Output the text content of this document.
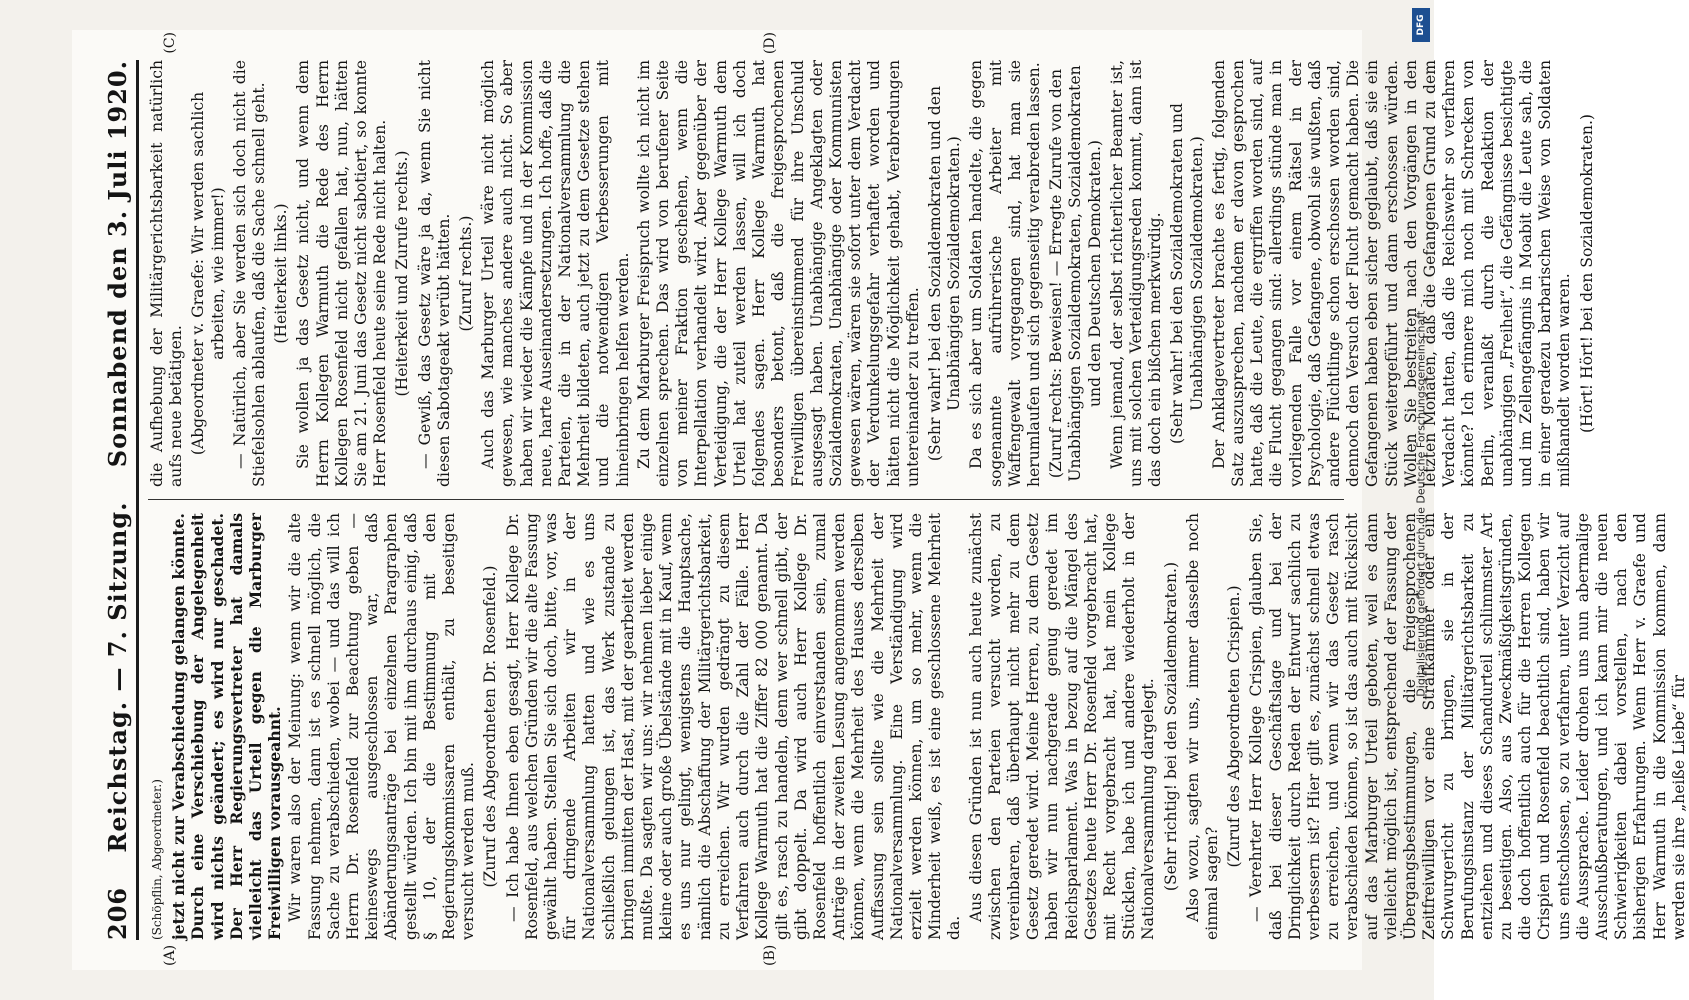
206
Reichstag. — 7. Sitzung.
Sonnabend den 3. Juli 1920.

(Schöpflin, Abgeordneter.) jetzt nicht zur Verabschiedung gelangen könnte. Durch eine Verschiebung der Angelegenheit wird nichts geändert; es wird nur geschadet. Der Herr Regierungsvertreter hat damals vielleicht das Urteil gegen die Marburger Freiwilligen vorausgeahnt. Wir waren also der Meinung: wenn wir die alte Fassung nehmen, dann ist es schnell möglich, die Sache zu verabschieden, wobei — und das will ich Herrn Dr. Rosenfeld zur Beachtung geben — keineswegs ausgeschlossen war, daß Abänderungsanträge bei einzelnen Paragraphen gestellt würden. Ich bin mit ihm durchaus einig, daß § 10, der die Bestimmung mit den Regierungskommissaren enthält, zu beseitigen versucht werden muß. (Zuruf des Abgeordneten Dr. Rosenfeld.) — Ich habe Ihnen eben gesagt, Herr Kollege Dr. Rosenfeld, aus welchen Gründen wir die alte Fassung gewählt haben. Stellen Sie sich doch, bitte, vor, was für dringende Arbeiten wir in der Nationalversammlung hatten und wie es uns schließlich gelungen ist, das Werk zustande zu bringen inmitten der Hast, mit der gearbeitet werden mußte. Da sagten wir uns: wir nehmen lieber einige kleine oder auch große Übelstände mit in Kauf, wenn es uns nur gelingt, wenigstens die Hauptsache, nämlich die Abschaffung der Militärgerichtsbarkeit, zu erreichen. Wir wurden gedrängt zu diesem Verfahren auch durch die Zahl der Fälle. Herr Kollege Warmuth hat die Ziffer 82 000 genannt. Da gilt es, rasch zu handeln, denn wer schnell gibt, der gibt doppelt. Da wird auch Herr Kollege Dr. Rosenfeld hoffentlich einverstanden sein, zumal Anträge in der zweiten Lesung angenommen werden können, wenn die Mehrheit des Hauses derselben Auffassung sein sollte wie die Mehrheit der Nationalversammlung. Eine Verständigung wird erzielt werden können, um so mehr, wenn die Minderheit weiß, es ist eine geschlossene Mehrheit da.

Aus diesen Gründen ist nun auch heute zunächst zwischen den Parteien versucht worden, zu vereinbaren, daß überhaupt nicht mehr zu dem Gesetz geredet wird. Meine Herren, zu dem Gesetz haben wir nun nachgerade genug geredet im Reichsparlament. Was in bezug auf die Mängel des Gesetzes heute Herr Dr. Rosenfeld vorgebracht hat, mit Recht vorgebracht hat, hat mein Kollege Stücklen, habe ich und andere wiederholt in der Nationalversammlung dargelegt. (Sehr richtig! bei den Sozialdemokraten.) Also wozu, sagten wir uns, immer dasselbe noch einmal sagen?

(Zuruf des Abgeordneten Crispien.) — Verehrter Herr Kollege Crispien, glauben Sie, daß bei dieser Geschäftslage und bei der Dringlichkeit durch Reden der Entwurf sachlich zu verbessern ist? Hier gilt es, zunächst schnell etwas zu erreichen, und wenn wir das Gesetz rasch verabschieden können, so ist das auch mit Rücksicht auf das Marburger Urteil geboten, weil es dann vielleicht möglich ist, entsprechend der Fassung der Übergangsbestimmungen, die freigesprochenen Zeitfreiwilligen vor eine Strafkammer oder ein Schwurgericht zu bringen, sie in der Berufungsinstanz der Militärgerichtsbarkeit zu entziehen und dieses Schandurteil schlimmster Art zu beseitigen. Also, aus Zweckmäßigkeitsgründen, die doch hoffentlich auch für die Herren Kollegen Crispien und Rosenfeld beachtlich sind, haben wir uns entschlossen, so zu verfahren, unter Verzicht auf die Aussprache. Leider drohen uns nun abermalige Ausschußberatungen, und ich kann mir die neuen Schwierigkeiten dabei vorstellen, nach den bisherigen Erfahrungen. Wenn Herr v. Graefe und Herr Warmuth in die Kommission kommen, dann werden sie ihre „heiße Liebe“ für

die Aufhebung der Militärgerichtsbarkeit natürlich aufs neue betätigen. (Abgeordneter v. Graefe: Wir werden sachlich arbeiten, wie immer!) — Natürlich, aber Sie werden sich doch nicht die Stiefelsohlen ablaufen, daß die Sache schnell geht. (Heiterkeit links.) Sie wollen ja das Gesetz nicht, und wenn dem Herrn Kollegen Warmuth die Rede des Herrn Kollegen Rosenfeld nicht gefallen hat, nun, hätten Sie am 21. Juni das Gesetz nicht sabotiert, so konnte Herr Rosenfeld heute seine Rede nicht halten. (Heiterkeit und Zurufe rechts.) — Gewiß, das Gesetz wäre ja da, wenn Sie nicht diesen Sabotageakt verübt hätten. (Zuruf rechts.) Auch das Marburger Urteil wäre nicht möglich gewesen, wie manches andere auch nicht. So aber haben wir wieder die Kämpfe und in der Kommission neue, harte Auseinandersetzungen. Ich hoffe, daß die Parteien, die in der Nationalversammlung die Mehrheit bildeten, auch jetzt zu dem Gesetze stehen und die notwendigen Verbesserungen mit hineinbringen helfen werden. Zu dem Marburger Freispruch wollte ich nicht im einzelnen sprechen. Das wird von berufener Seite von meiner Fraktion geschehen, wenn die Interpellation verhandelt wird. Aber gegenüber der Verteidigung, die der Herr Kollege Warmuth dem Urteil hat zuteil werden lassen, will ich doch folgendes sagen. Herr Kollege Warmuth hat besonders betont, daß die freigesprochenen Freiwilligen übereinstimmend für ihre Unschuld ausgesagt haben. Unabhängige Angeklagten oder Sozialdemokraten, Unabhängige oder Kommunisten gewesen wären, wären sie sofort unter dem Verdacht der Verdunkelungsgefahr verhaftet worden und hätten nicht die Möglichkeit gehabt, Verabredungen untereinander zu treffen. (Sehr wahr! bei den Sozialdemokraten und den Unabhängigen Sozialdemokraten.) Da es sich aber um Soldaten handelte, die gegen sogenannte aufrührerische Arbeiter mit Waffengewalt vorgegangen sind, hat man sie herumlaufen und sich gegenseitig verabreden lassen. (Zuruf rechts: Beweisen! — Erregte Zurufe von den Unabhängigen Sozialdemokraten, Sozialdemokraten und den Deutschen Demokraten.) Wenn jemand, der selbst richterlicher Beamter ist, uns mit solchen Verteidigungsreden kommt, dann ist das doch ein bißchen merkwürdig. (Sehr wahr! bei den Sozialdemokraten und Unabhängigen Sozialdemokraten.) Der Anklagevertreter brachte es fertig, folgenden Satz auszusprechen, nachdem er davon gesprochen hatte, daß die Leute, die ergriffen worden sind, auf die Flucht gegangen sind: allerdings stünde man in vorliegenden Falle vor einem Rätsel in der Psychologie, daß Gefangene, obwohl sie wußten, daß andere Flüchtlinge schon erschossen worden sind, dennoch den Versuch der Flucht gemacht haben. Die Gefangenen haben eben sicher geglaubt, daß sie ein Stück weitergeführt und dann erschossen würden. Wollen Sie bestreiten nach den Vorgängen in den letzten Monaten, daß die Gefangenen Grund zu dem Verdacht hatten, daß die Reichswehr so verfahren könnte? Ich erinnere mich noch mit Schrecken von Berlin, veranlaßt durch die Redaktion der unabhängigen „Freiheit“, die Gefängnisse besichtigte und im Zellengefängnis in Moabit die Leute sah, die in einer geradezu barbarischen Weise von Soldaten mißhandelt worden waren. (Hört! Hört! bei den Sozialdemokraten.)

(A)	(B)
(C)	(D)
DFG
Digitalisierung gefördert durch die Deutsche Forschungsgemeinschaft -
